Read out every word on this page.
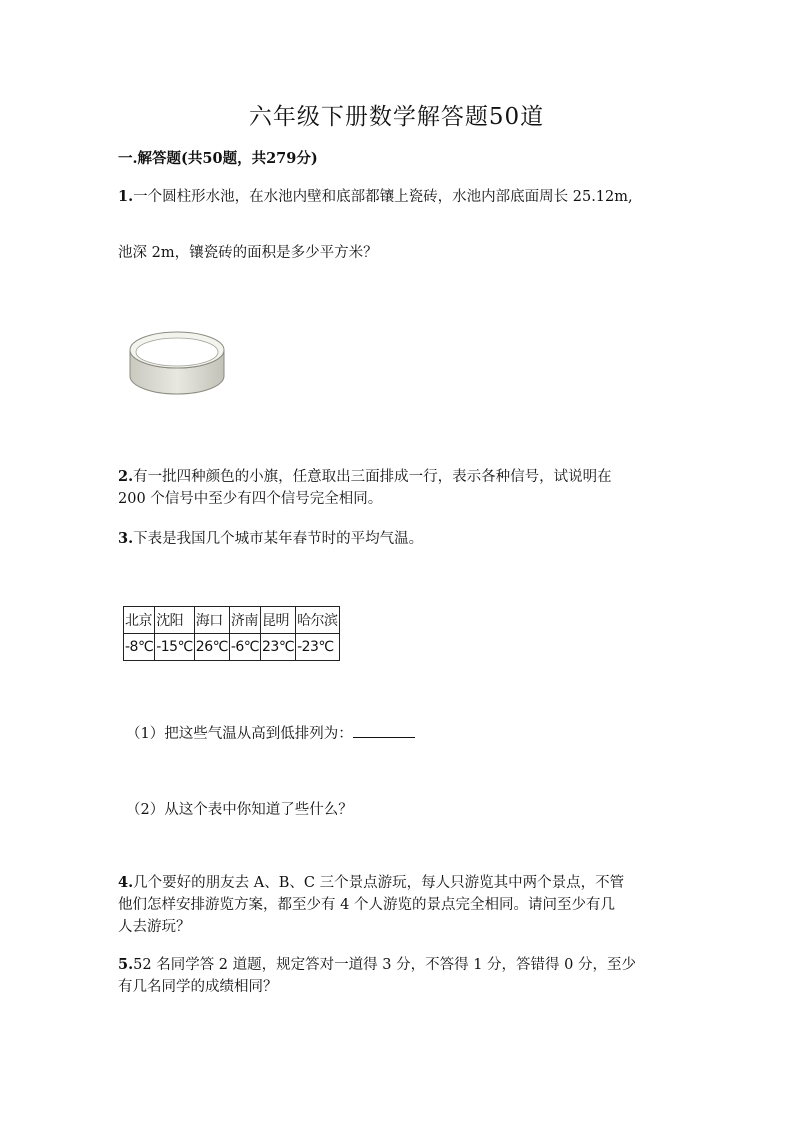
六年级下册数学解答题50道
一.解答题(共50题，共279分)
1.一个圆柱形水池，在水池内壁和底部都镶上瓷砖，水池内部底面周长 25.12m,
池深 2m，镶瓷砖的面积是多少平方米？
2.有一批四种颜色的小旗，任意取出三面排成一行，表示各种信号，试说明在
200 个信号中至少有四个信号完全相同。
3.下表是我国几个城市某年春节时的平均气温。
北京	沈阳	海口	济南	昆明	哈尔滨
-8℃	-15℃	26℃	-6℃	23℃	-23℃
（1）把这些气温从高到低排列为：
（2）从这个表中你知道了些什么？
4.几个要好的朋友去 A、B、C 三个景点游玩，每人只游览其中两个景点，不管
他们怎样安排游览方案，都至少有 4 个人游览的景点完全相同。请问至少有几
人去游玩？
5.52 名同学答 2 道题，规定答对一道得 3 分，不答得 1 分，答错得 0 分，至少
有几名同学的成绩相同？
